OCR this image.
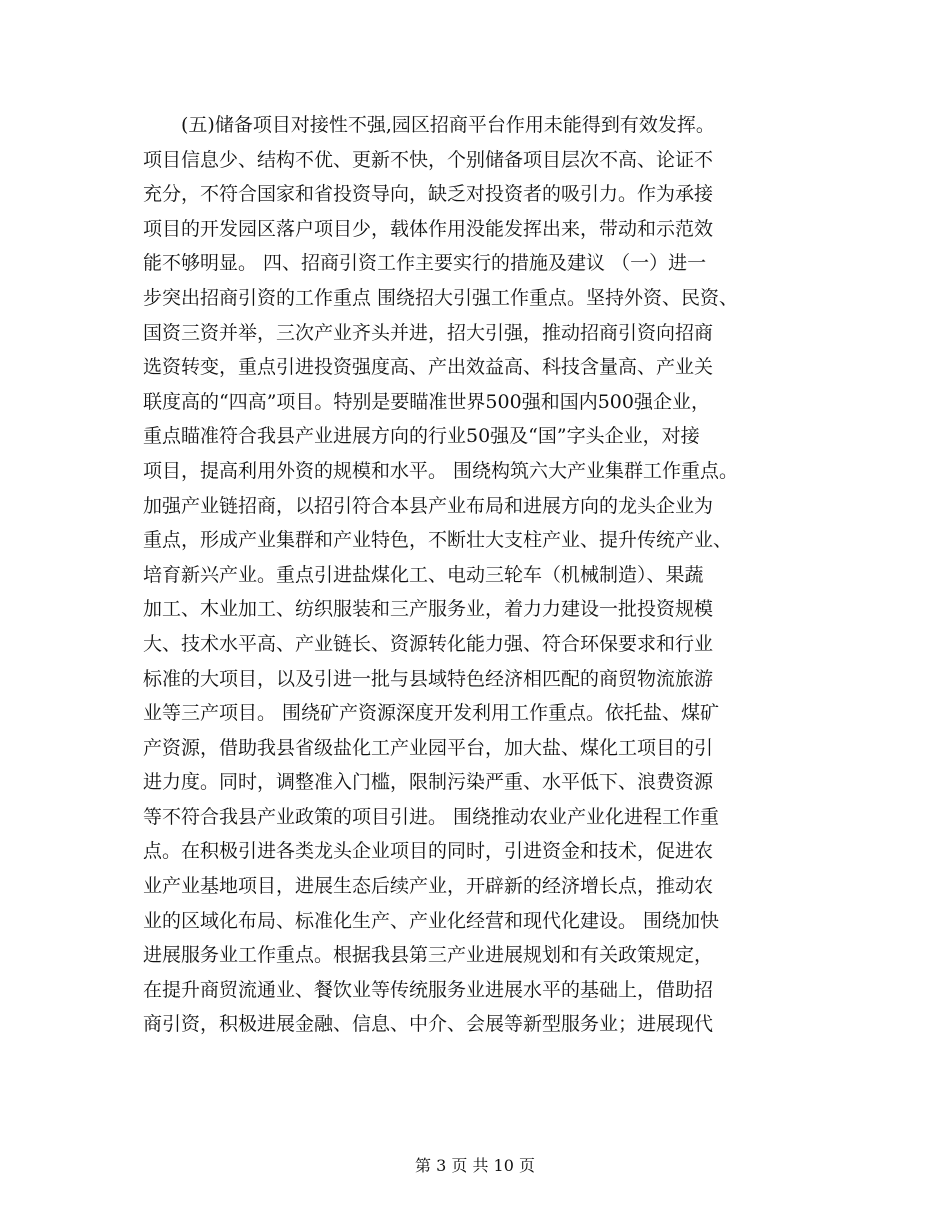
　　(五)储备项目对接性不强,园区招商平台作用未能得到有效发挥。
项目信息少、结构不优、更新不快，个别储备项目层次不高、论证不
充分，不符合国家和省投资导向，缺乏对投资者的吸引力。作为承接
项目的开发园区落户项目少，载体作用没能发挥出来，带动和示范效
能不够明显。 四、招商引资工作主要实行的措施及建议 （一）进一
步突出招商引资的工作重点 围绕招大引强工作重点。坚持外资、民资、
国资三资并举，三次产业齐头并进，招大引强，推动招商引资向招商
选资转变，重点引进投资强度高、产出效益高、科技含量高、产业关
联度高的“四高”项目。特别是要瞄准世界500强和国内500强企业，
重点瞄准符合我县产业进展方向的行业50强及“国”字头企业，对接
项目，提高利用外资的规模和水平。 围绕构筑六大产业集群工作重点。
加强产业链招商，以招引符合本县产业布局和进展方向的龙头企业为
重点，形成产业集群和产业特色，不断壮大支柱产业、提升传统产业、
培育新兴产业。重点引进盐煤化工、电动三轮车（机械制造）、果蔬
加工、木业加工、纺织服装和三产服务业，着力力建设一批投资规模
大、技术水平高、产业链长、资源转化能力强、符合环保要求和行业
标准的大项目，以及引进一批与县域特色经济相匹配的商贸物流旅游
业等三产项目。 围绕矿产资源深度开发利用工作重点。依托盐、煤矿
产资源，借助我县省级盐化工产业园平台，加大盐、煤化工项目的引
进力度。同时，调整准入门槛，限制污染严重、水平低下、浪费资源
等不符合我县产业政策的项目引进。 围绕推动农业产业化进程工作重
点。在积极引进各类龙头企业项目的同时，引进资金和技术，促进农
业产业基地项目，进展生态后续产业，开辟新的经济增长点，推动农
业的区域化布局、标准化生产、产业化经营和现代化建设。 围绕加快
进展服务业工作重点。根据我县第三产业进展规划和有关政策规定，
在提升商贸流通业、餐饮业等传统服务业进展水平的基础上，借助招
商引资，积极进展金融、信息、中介、会展等新型服务业；进展现代
第 3 页 共 10 页
